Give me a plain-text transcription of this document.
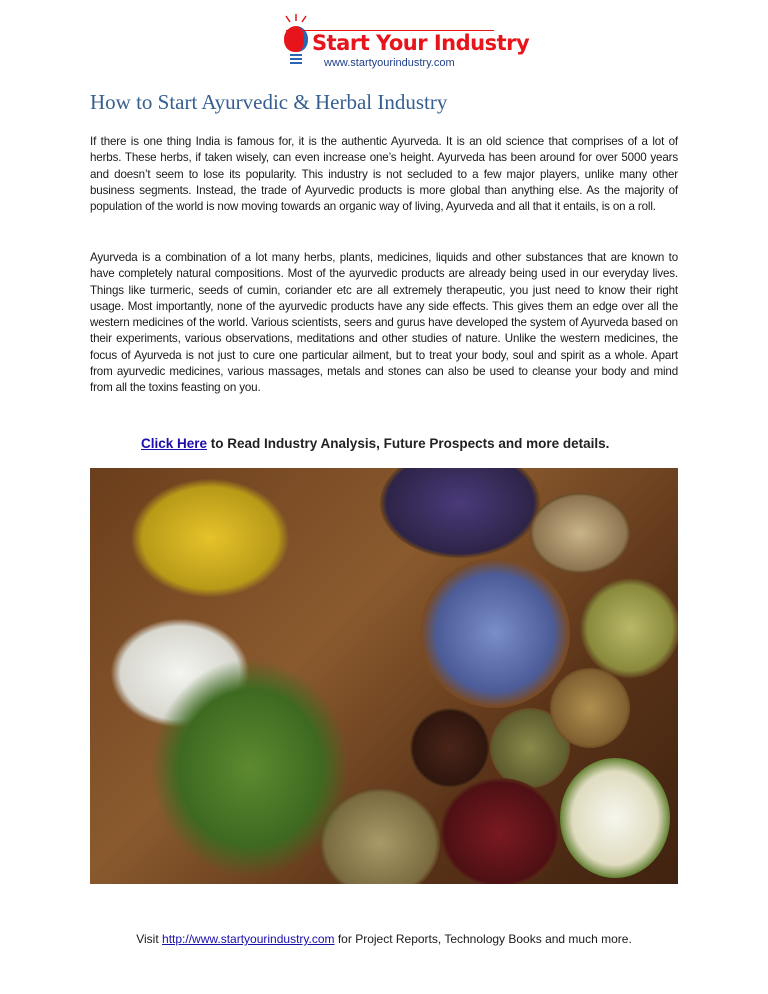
Start Your Industry
www.startyourindustry.com
How to Start Ayurvedic & Herbal Industry

If there is one thing India is famous for, it is the authentic Ayurveda. It is an old science that comprises of a lot of herbs. These herbs, if taken wisely, can even increase one’s height. Ayurveda has been around for over 5000 years and doesn’t seem to lose its popularity. This industry is not secluded to a few major players, unlike many other business segments. Instead, the trade of Ayurvedic products is more global than anything else. As the majority of population of the world is now moving towards an organic way of living, Ayurveda and all that it entails, is on a roll.

Ayurveda is a combination of a lot many herbs, plants, medicines, liquids and other substances that are known to have completely natural compositions. Most of the ayurvedic products are already being used in our everyday lives. Things like turmeric, seeds of cumin, coriander etc are all extremely therapeutic, you just need to know their right usage. Most importantly, none of the ayurvedic products have any side effects. This gives them an edge over all the western medicines of the world. Various scientists, seers and gurus have developed the system of Ayurveda based on their experiments, various observations, meditations and other studies of nature. Unlike the western medicines, the focus of Ayurveda is not just to cure one particular ailment, but to treat your body, soul and spirit as a whole. Apart from ayurvedic medicines, various massages, metals and stones can also be used to cleanse your body and mind from all the toxins feasting on you.

Click Here to Read Industry Analysis, Future Prospects and more details.
Visit http://www.startyourindustry.com for Project Reports, Technology Books and much more.
